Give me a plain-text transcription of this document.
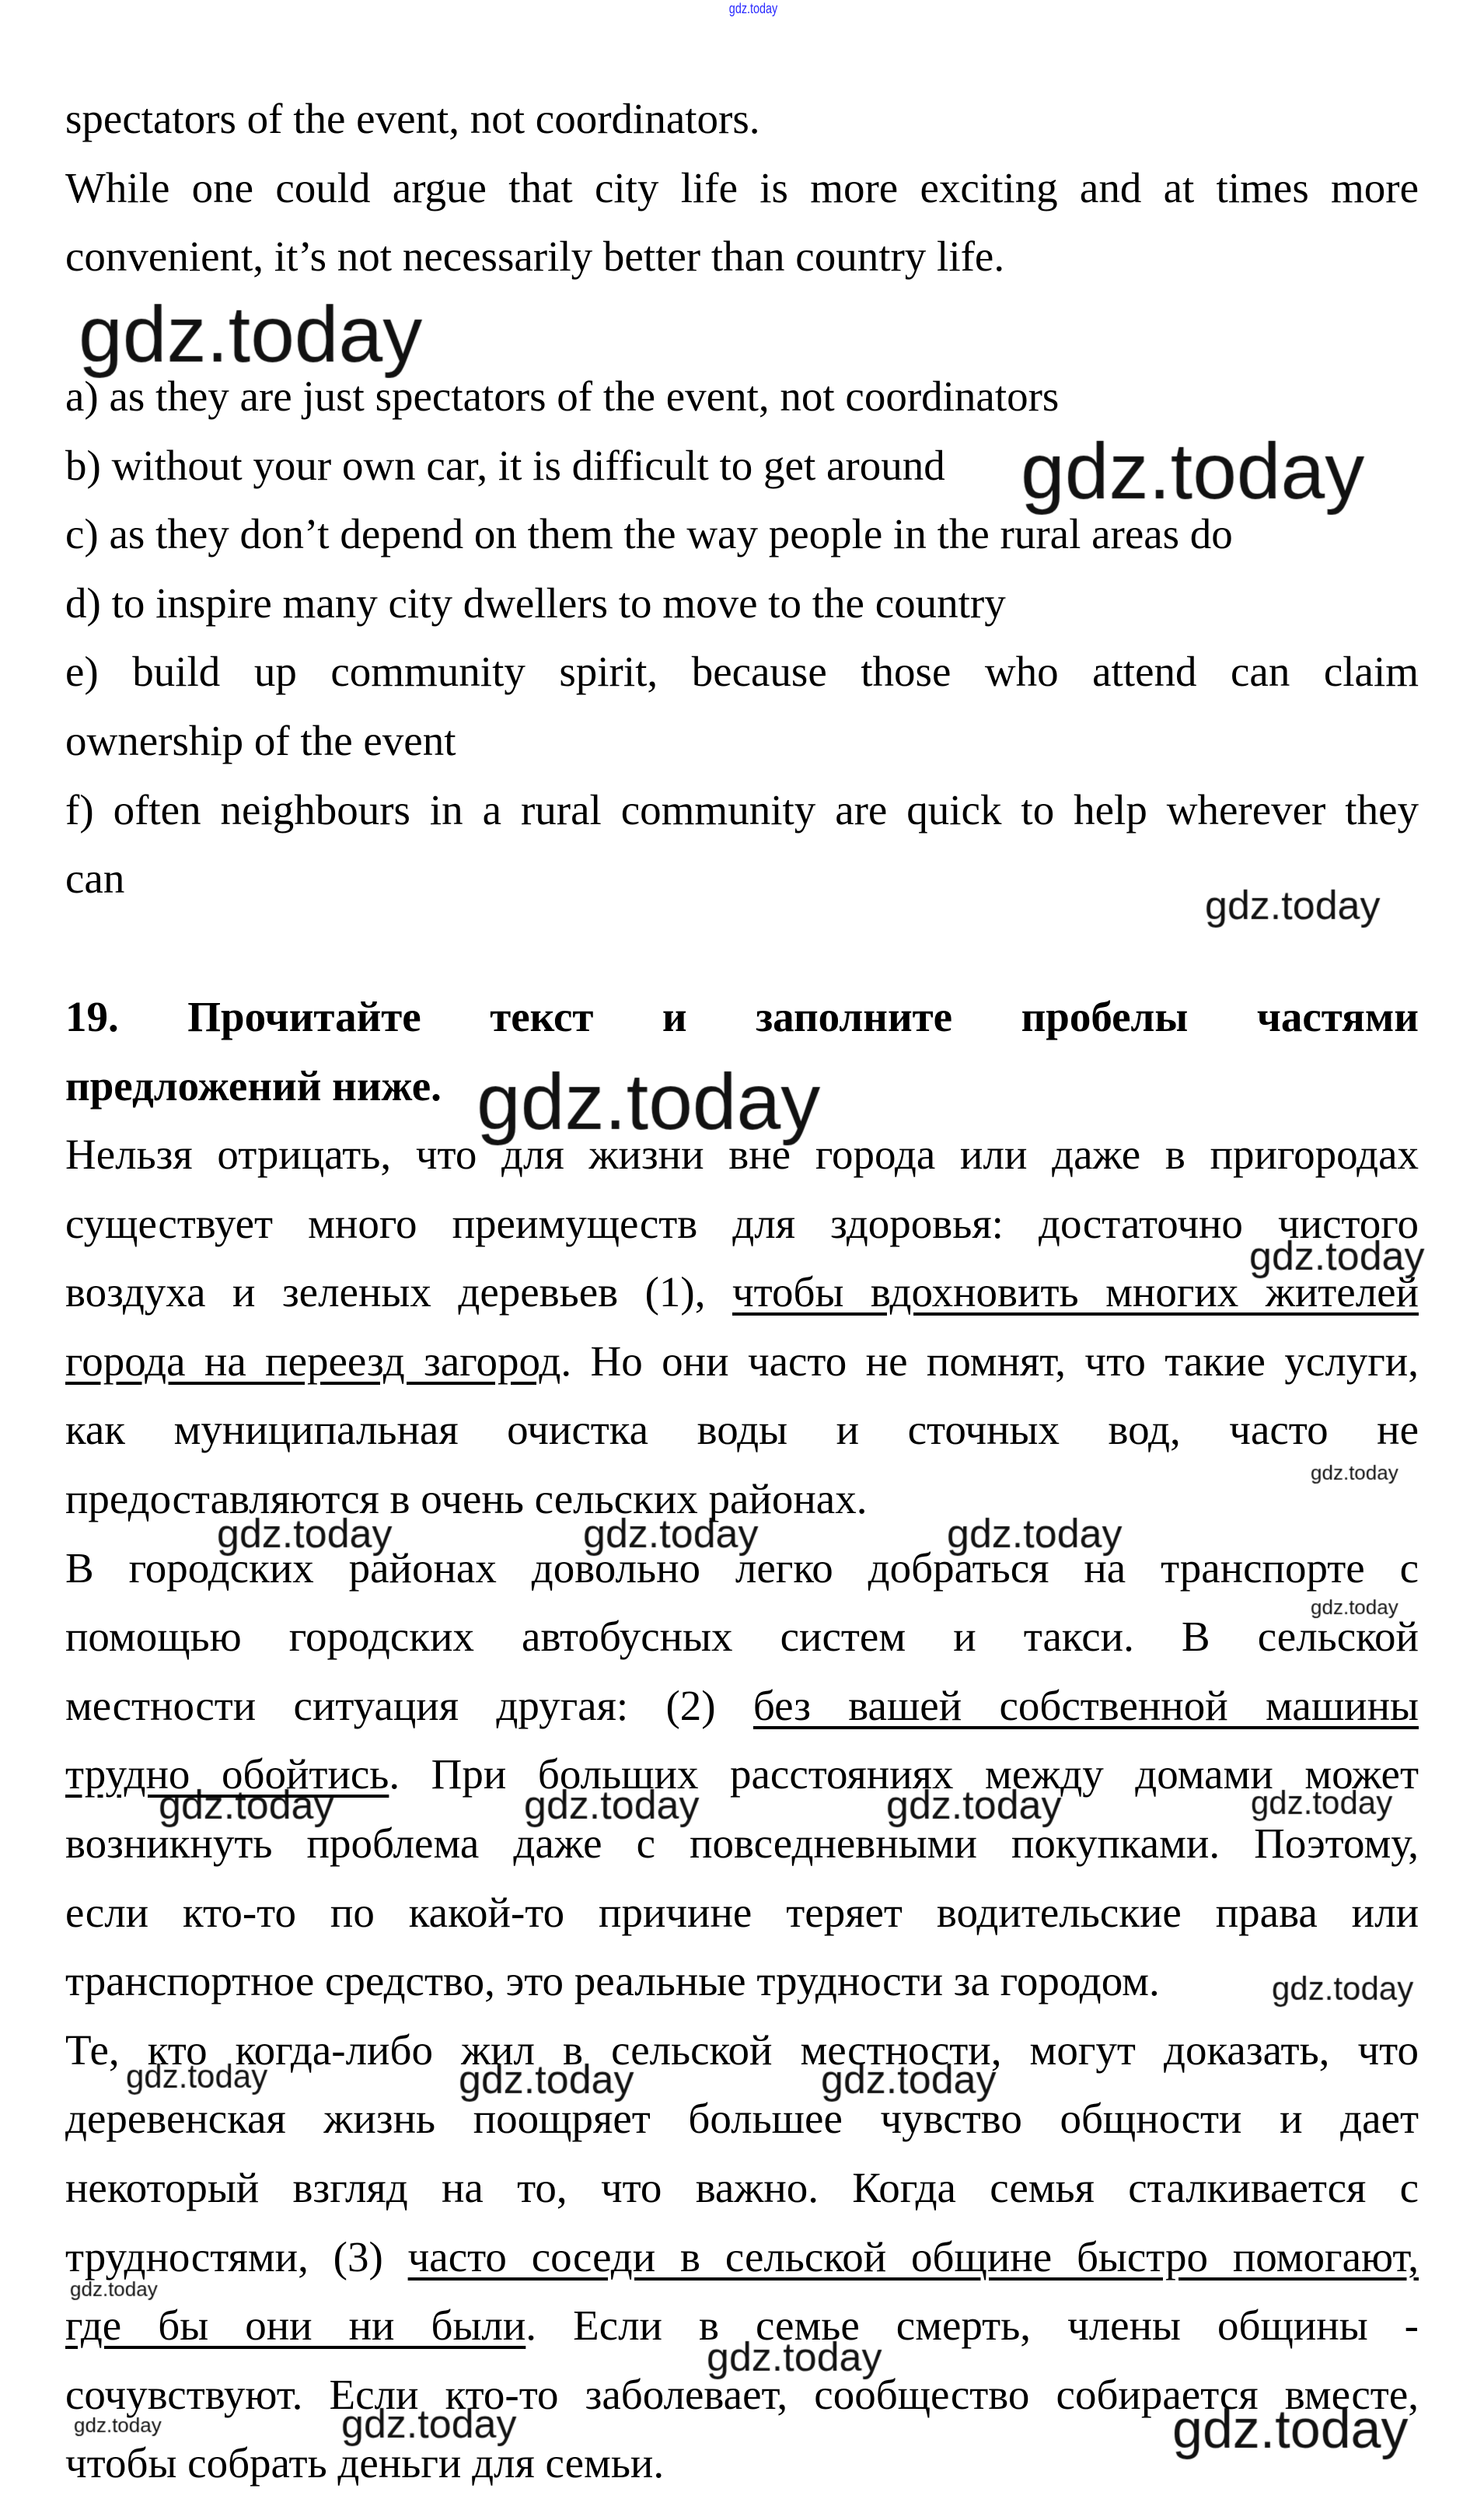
gdz.today
spectators of the event, not coordinators.
While one could argue that city life is more exciting and at times more
convenient, it’s not necessarily better than country life.
a) as they are just spectators of the event, not coordinators
b) without your own car, it is difficult to get around
c) as they don’t depend on them the way people in the rural areas do
d) to inspire many city dwellers to move to the country
e) build up community spirit, because those who attend can claim
ownership of the event
f) often neighbours in a rural community are quick to help wherever they
can
19. Прочитайте текст и заполните пробелы частями
предложений ниже.
Нельзя отрицать, что для жизни вне города или даже в пригородах
существует много преимуществ для здоровья: достаточно чистого
воздуха и зеленых деревьев (1), чтобы вдохновить многих жителей
города на переезд загород. Но они часто не помнят, что такие услуги,
как муниципальная очистка воды и сточных вод, часто не
предоставляются в очень сельских районах.
В городских районах довольно легко добраться на транспорте с
помощью городских автобусных систем и такси. В сельской
местности ситуация другая: (2) без вашей собственной машины
трудно обойтись. При больших расстояниях между домами может
возникнуть проблема даже с повседневными покупками. Поэтому,
если кто-то по какой-то причине теряет водительские права или
транспортное средство, это реальные трудности за городом.
Те, кто когда-либо жил в сельской местности, могут доказать, что
деревенская жизнь поощряет большее чувство общности и дает
некоторый взгляд на то, что важно. Когда семья сталкивается с
трудностями, (3) часто соседи в сельской общине быстро помогают,
где бы они ни были. Если в семье смерть, члены общины -
сочувствуют. Если кто-то заболевает, сообщество собирается вместе,
чтобы собрать деньги для семьи.
